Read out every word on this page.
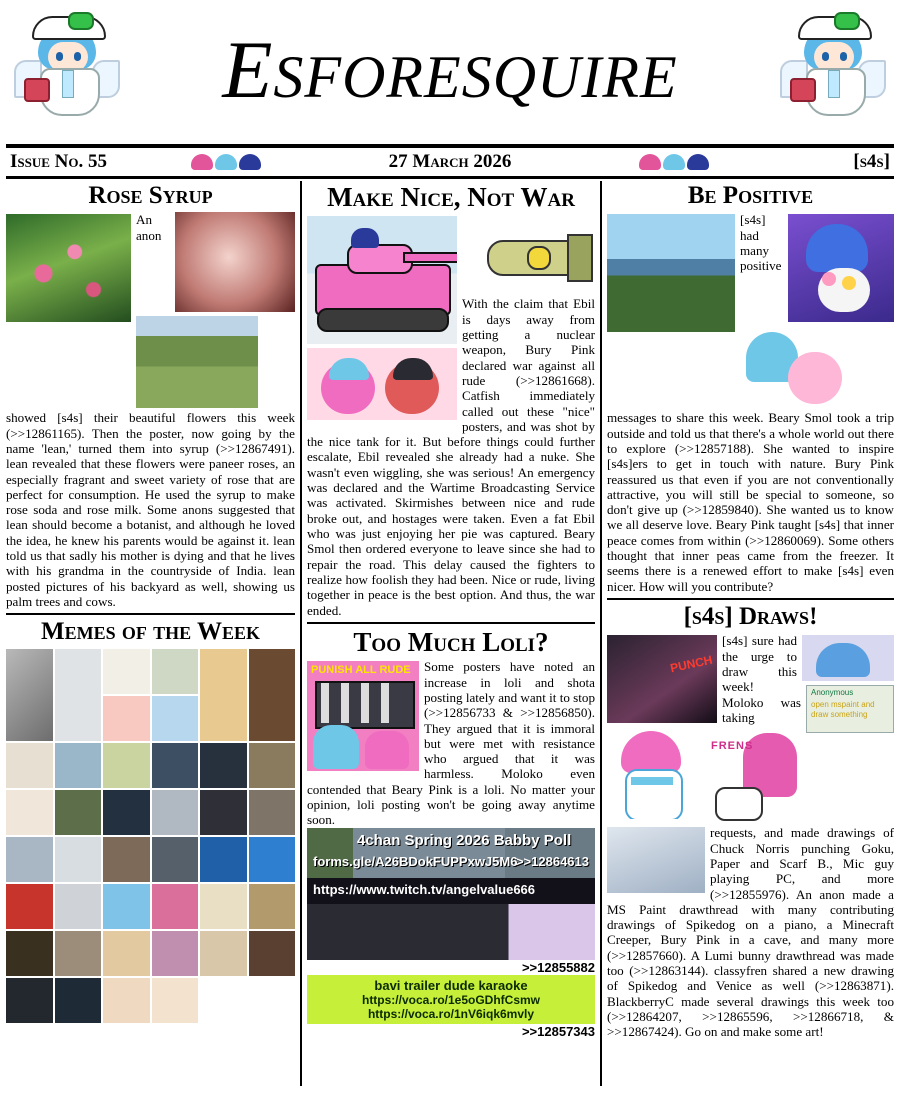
ESFORESQUIRE
Issue No. 55	27 March 2026	[s4s]
Rose Syrup
An anon showed [s4s] their beautiful flowers this week (>>12861165). Then the poster, now going by the name 'lean,' turned them into syrup (>>12867491). lean revealed that these flowers were paneer roses, an especially fragrant and sweet variety of rose that are perfect for consumption. He used the syrup to make rose soda and rose milk. Some anons suggested that lean should become a botanist, and although he loved the idea, he knew his parents would be against it. lean told us that sadly his mother is dying and that he lives with his grandma in the countryside of India. lean posted pictures of his backyard as well, showing us palm trees and cows.
Memes of the Week
Make Nice, Not War
With the claim that Ebil is days away from getting a nuclear weapon, Bury Pink declared war against all rude (>>12861668). Catfish immediately called out these "nice" posters, and was shot by the nice tank for it. But before things could further escalate, Ebil revealed she already had a nuke. She wasn't even wiggling, she was serious! An emergency was declared and the Wartime Broadcasting Service was activated. Skirmishes between nice and rude broke out, and hostages were taken. Even a fat Ebil who was just enjoying her pie was captured. Beary Smol then ordered everyone to leave since she had to repair the road. This delay caused the fighters to realize how foolish they had been. Nice or rude, living together in peace is the best option. And thus, the war ended.
Too Much Loli?
PUNISH ALL RUDE	Some posters have noted an increase in loli and shota posting lately and want it to stop (>>12856733 & >>12856850). They argued that it is immoral but were met with resistance who argued that it was harmless. Moloko even contended that Beary Pink is a loli. No matter your opinion, loli posting won't be going away anytime soon.
4chan Spring 2026 Babby Poll
forms.gle/A26BDokFUPPxwJ5M6
>>12864613
https://www.twitch.tv/angelvalue666
>>12855882
bavi trailer dude karaoke
https://voca.ro/1e5oGDhfCsmw
https://voca.ro/1nV6iqk6mvly
>>12857343
Be Positive
[s4s] had many positive messages to share this week. Beary Smol took a trip outside and told us that there's a whole world out there to explore (>>12857188). She wanted to inspire [s4s]ers to get in touch with nature. Bury Pink reassured us that even if you are not conventionally attractive, you will still be special to someone, so don't give up (>>12859840). She wanted us to know we all deserve love. Beary Pink taught [s4s] that inner peace comes from within (>>12860069). Some others thought that inner peas came from the freezer. It seems there is a renewed effort to make [s4s] even nicer. How will you contribute?
[s4s] Draws!
PUNCH
Anonymous
open mspaint and draw something
FRENS
[s4s] sure had the urge to draw this week! Moloko was taking requests, and made drawings of Chuck Norris punching Goku, Paper and Scarf B., Mic guy playing PC, and more (>>12855976). An anon made a MS Paint drawthread with many contributing drawings of Spikedog on a piano, a Minecraft Creeper, Bury Pink in a cave, and many more (>>12857660). A Lumi bunny drawthread was made too (>>12863144). classyfren shared a new drawing of Spikedog and Venice as well (>>12863871). BlackberryC made several drawings this week too (>>12864207, >>12865596, >>12866718, & >>12867424). Go on and make some art!
